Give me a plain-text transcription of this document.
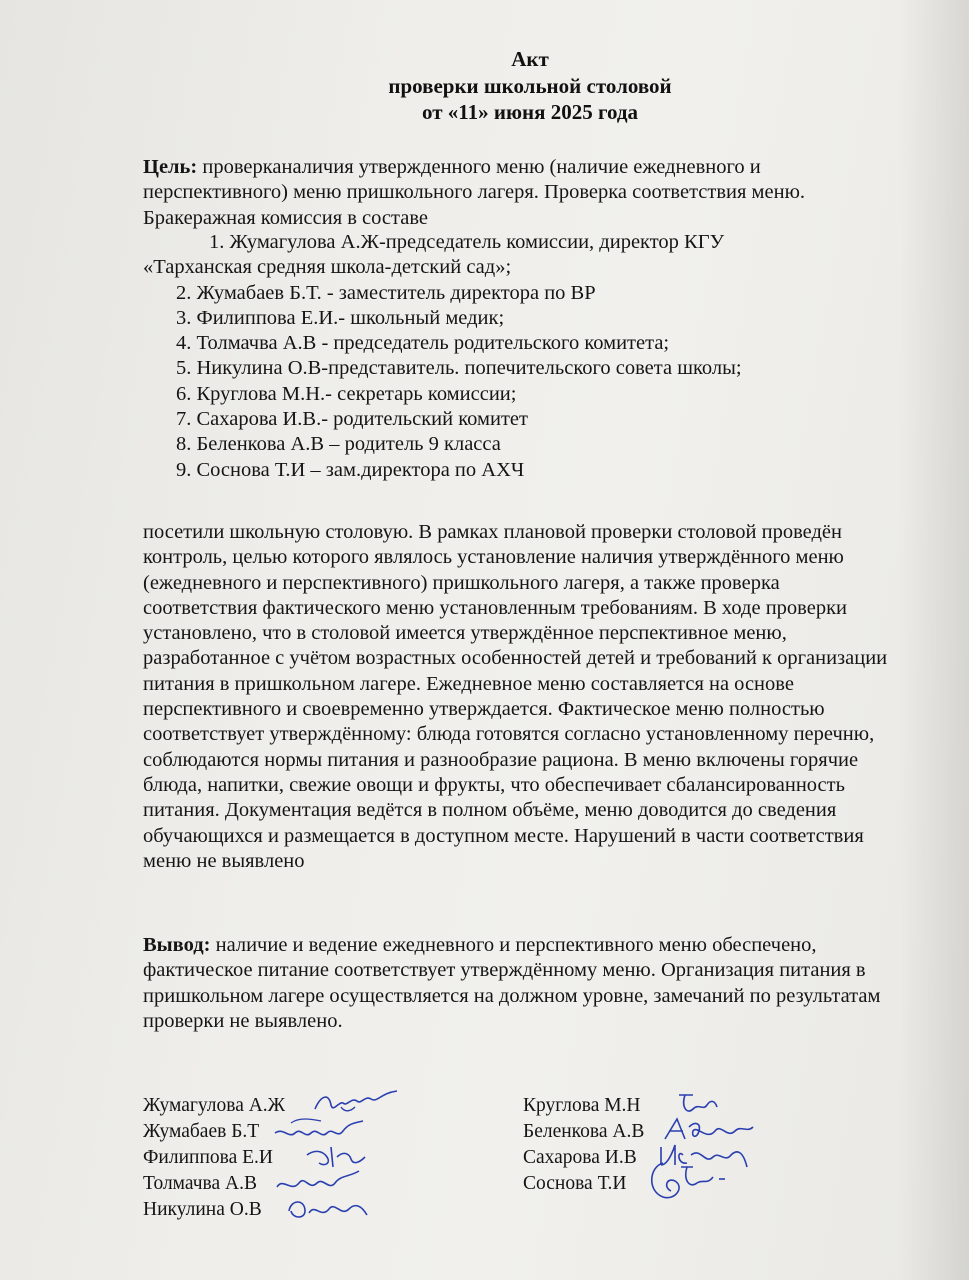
Акт
проверки школьной столовой
от «11» июня 2025 года

Цель: проверканаличия утвержденного меню (наличие ежедневного и перспективного) меню пришкольного лагеря. Проверка соответствия меню.

Бракеражная комиссия в составе

1. Жумагулова А.Ж-председатель комиссии, директор КГУ

«Тарханская средняя школа-детский сад»;

2. Жумабаев Б.Т. - заместитель директора по ВР

3. Филиппова Е.И.- школьный медик;

4. Толмачва А.В - председатель родительского комитета;

5. Никулина О.В-представитель. попечительского совета школы;

6. Круглова М.Н.- секретарь комиссии;

7. Сахарова И.В.- родительский комитет

8. Беленкова А.В – родитель 9 класса

9. Соснова Т.И – зам.директора по АХЧ

посетили школьную столовую. В рамках плановой проверки столовой проведён контроль, целью которого являлось установление наличия утверждённого меню (ежедневного и перспективного) пришкольного лагеря, а также проверка соответствия фактического меню установленным требованиям. В ходе проверки установлено, что в столовой имеется утверждённое перспективное меню, разработанное с учётом возрастных особенностей детей и требований к организации питания в пришкольном лагере. Ежедневное меню составляется на основе перспективного и своевременно утверждается. Фактическое меню полностью соответствует утверждённому: блюда готовятся согласно установленному перечню, соблюдаются нормы питания и разнообразие рациона. В меню включены горячие блюда, напитки, свежие овощи и фрукты, что обеспечивает сбалансированность питания. Документация ведётся в полном объёме, меню доводится до сведения обучающихся и размещается в доступном месте. Нарушений в части соответствия меню не выявлено

Вывод: наличие и ведение ежедневного и перспективного меню обеспечено, фактическое питание соответствует утверждённому меню. Организация питания в пришкольном лагере осуществляется на должном уровне, замечаний по результатам проверки не выявлено.

Жумагулова А.Ж
Жумабаев Б.Т
Филиппова Е.И
Толмачва А.В
Никулина О.В
Круглова М.Н
Беленкова А.В
Сахарова И.В
Соснова Т.И
